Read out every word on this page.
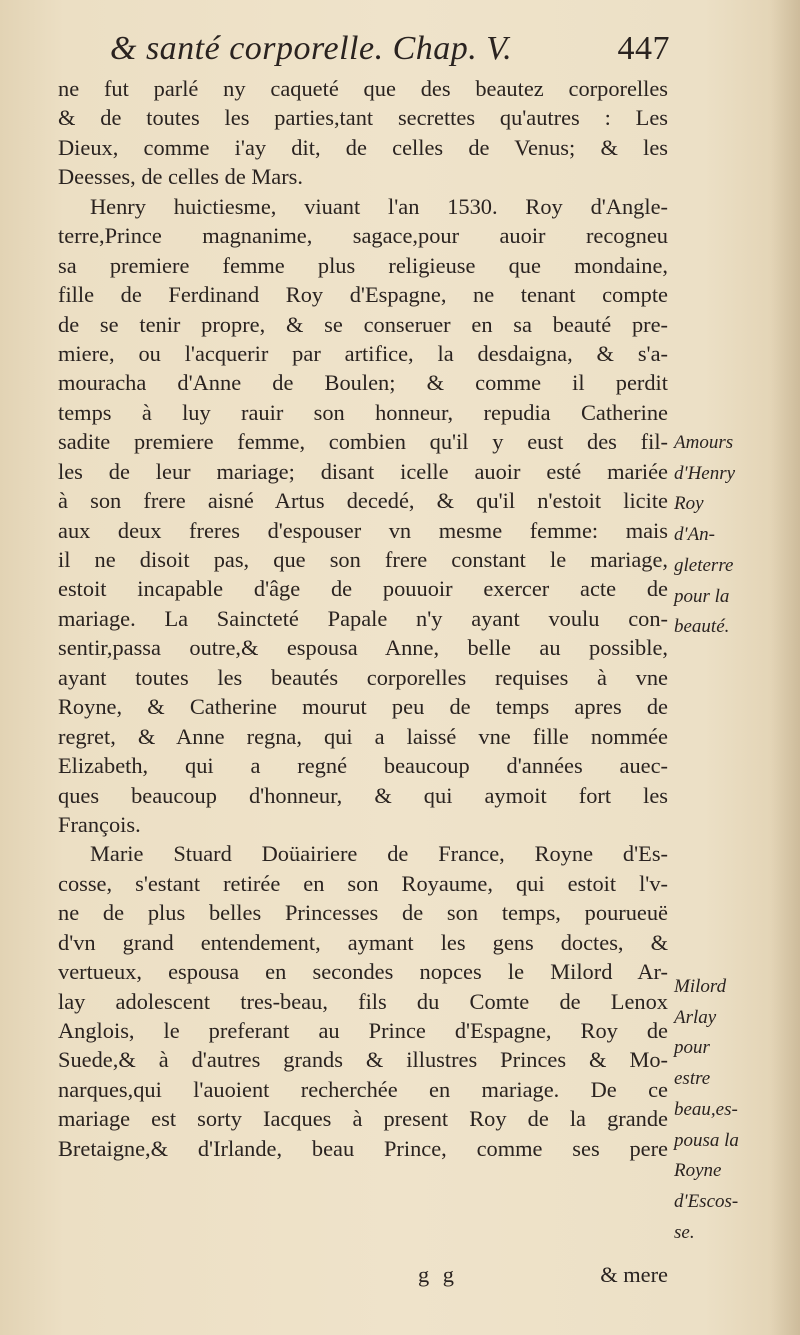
& santé corporelle. Chap. V.	447
ne fut parlé ny caqueté que des beautez corporelles
& de toutes les parties,tant secrettes qu'autres : Les
Dieux, comme i'ay dit, de celles de Venus; & les
Deesses, de celles de Mars.
Henry huictiesme, viuant l'an 1530. Roy d'Angle-
terre,Prince magnanime, sagace,pour auoir recogneu
sa premiere femme plus religieuse que mondaine,
fille de Ferdinand Roy d'Espagne, ne tenant compte
de se tenir propre, & se conseruer en sa beauté pre-
miere, ou l'acquerir par artifice, la desdaigna, & s'a-
mouracha d'Anne de Boulen; & comme il perdit
temps à luy rauir son honneur, repudia Catherine
sadite premiere femme, combien qu'il y eust des fil-
les de leur mariage; disant icelle auoir esté mariée
à son frere aisné Artus decedé, & qu'il n'estoit licite
aux deux freres d'espouser vn mesme femme: mais
il ne disoit pas, que son frere constant le mariage,
estoit incapable d'âge de pouuoir exercer acte de
mariage. La Saincteté Papale n'y ayant voulu con-
sentir,passa outre,& espousa Anne, belle au possible,
ayant toutes les beautés corporelles requises à vne
Royne, & Catherine mourut peu de temps apres de
regret, & Anne regna, qui a laissé vne fille nommée
Elizabeth, qui a regné beaucoup d'années auec-
ques beaucoup d'honneur, & qui aymoit fort les
François.
Marie Stuard Doüairiere de France, Royne d'Es-
cosse, s'estant retirée en son Royaume, qui estoit l'v-
ne de plus belles Princesses de son temps, pourueuë
d'vn grand entendement, aymant les gens doctes, &
vertueux, espousa en secondes nopces le Milord Ar-
lay adolescent tres-beau, fils du Comte de Lenox
Anglois, le preferant au Prince d'Espagne, Roy de
Suede,& à d'autres grands & illustres Princes & Mo-
narques,qui l'auoient recherchée en mariage. De ce
mariage est sorty Iacques à present Roy de la grande
Bretaigne,& d'Irlande, beau Prince, comme ses pere
Amours
d'Henry
Roy
d'An-
gleterre
pour la
beauté.
Milord
Arlay
pour
estre
beau,es-
pousa la
Royne
d'Escos-
se.
g g	& mere
